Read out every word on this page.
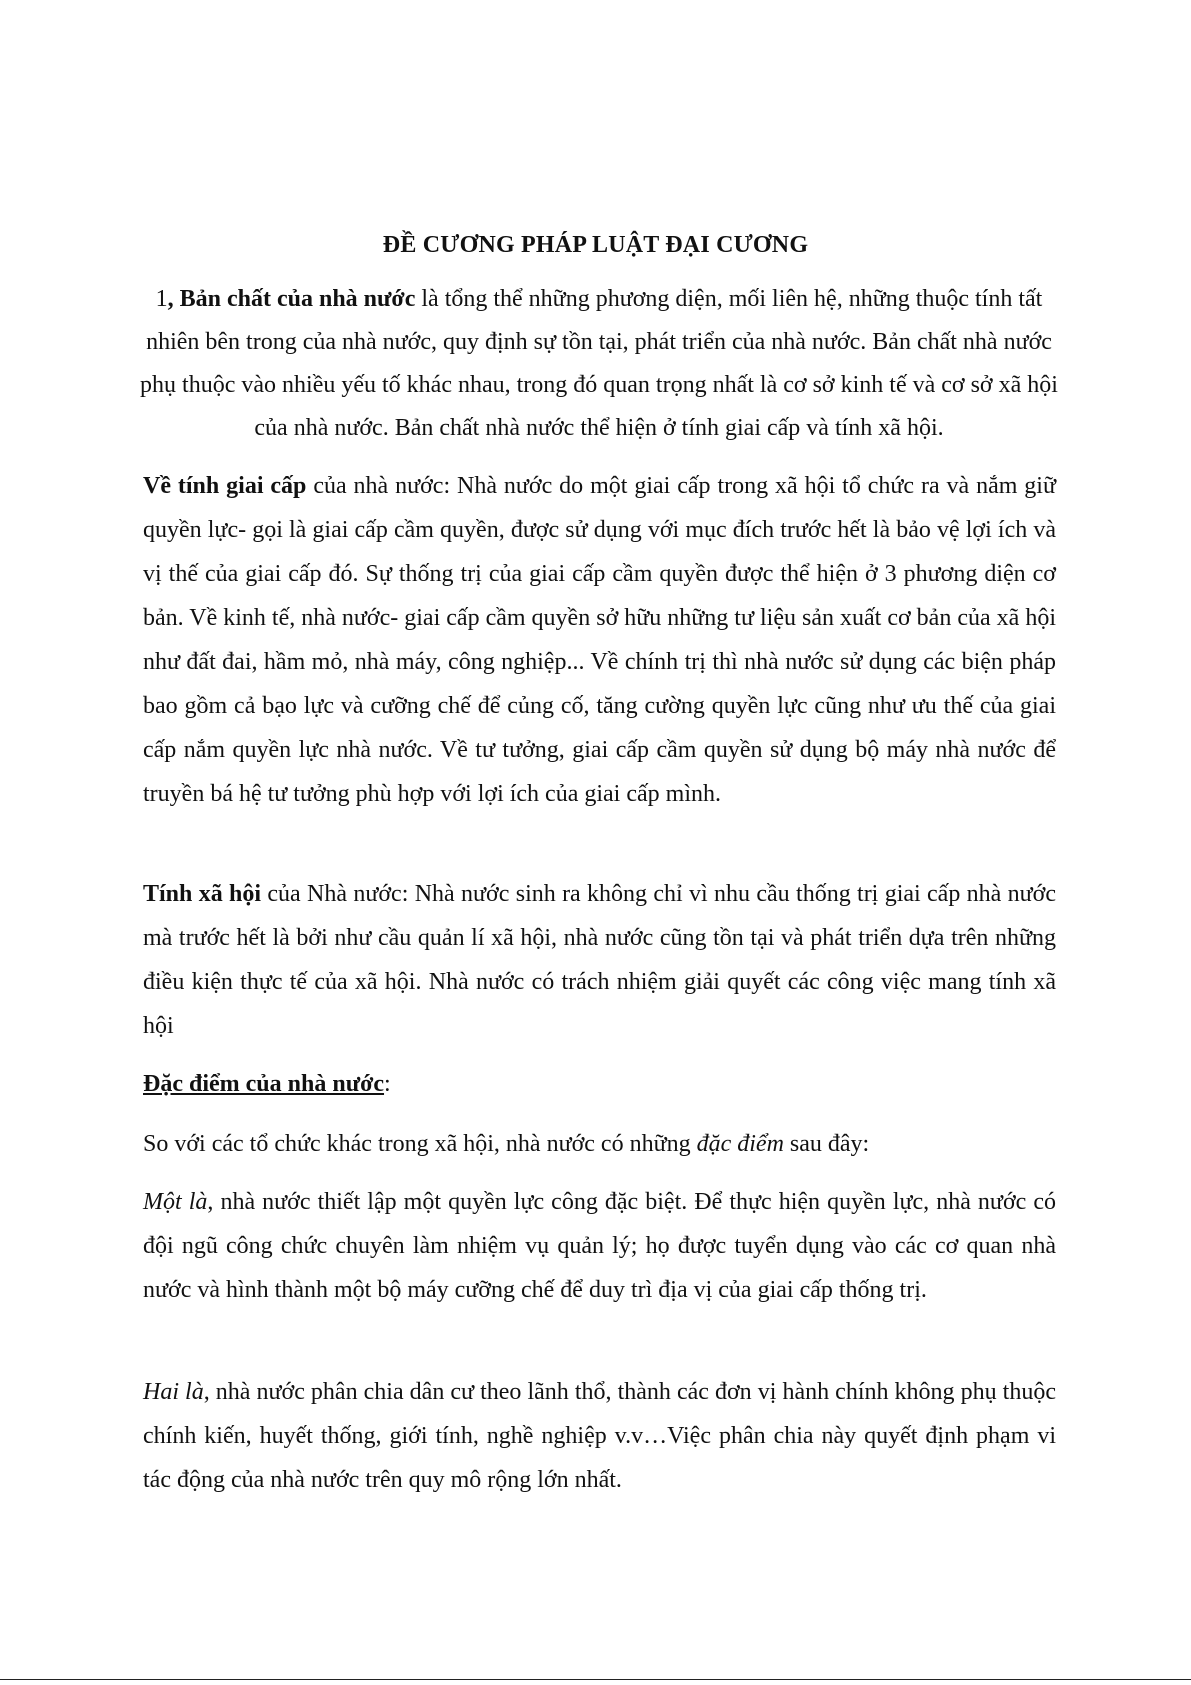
ĐỀ CƯƠNG PHÁP LUẬT ĐẠI CƯƠNG

1, Bản chất của nhà nước là tổng thể những phương diện, mối liên hệ, những thuộc tính tất nhiên bên trong của nhà nước, quy định sự tồn tại, phát triển của nhà nước. Bản chất nhà nước phụ thuộc vào nhiều yếu tố khác nhau, trong đó quan trọng nhất là cơ sở kinh tế và cơ sở xã hội của nhà nước. Bản chất nhà nước thể hiện ở tính giai cấp và tính xã hội.

Về tính giai cấp của nhà nước: Nhà nước do một giai cấp trong xã hội tổ chức ra và nắm giữ quyền lực- gọi là giai cấp cầm quyền, được sử dụng với mục đích trước hết là bảo vệ lợi ích và vị thế của giai cấp đó. Sự thống trị của giai cấp cầm quyền được thể hiện ở 3 phương diện cơ bản. Về kinh tế, nhà nước- giai cấp cầm quyền sở hữu những tư liệu sản xuất cơ bản của xã hội như đất đai, hầm mỏ, nhà máy, công nghiệp... Về chính trị thì nhà nước sử dụng các biện pháp bao gồm cả bạo lực và cưỡng chế để củng cố, tăng cường quyền lực cũng như ưu thế của giai cấp nắm quyền lực nhà nước. Về tư tưởng, giai cấp cầm quyền sử dụng bộ máy nhà nước để truyền bá hệ tư tưởng phù hợp với lợi ích của giai cấp mình.

Tính xã hội của Nhà nước: Nhà nước sinh ra không chỉ vì nhu cầu thống trị giai cấp nhà nước mà trước hết là bởi như cầu quản lí xã hội, nhà nước cũng tồn tại và phát triển dựa trên những điều kiện thực tế của xã hội. Nhà nước có trách nhiệm giải quyết các công việc mang tính xã hội

Đặc điểm của nhà nước:

So với các tổ chức khác trong xã hội, nhà nước có những đặc điểm sau đây:

Một là, nhà nước thiết lập một quyền lực công đặc biệt. Để thực hiện quyền lực, nhà nước có đội ngũ công chức chuyên làm nhiệm vụ quản lý; họ được tuyển dụng vào các cơ quan nhà nước và hình thành một bộ máy cưỡng chế để duy trì địa vị của giai cấp thống trị.

Hai là, nhà nước phân chia dân cư theo lãnh thổ, thành các đơn vị hành chính không phụ thuộc chính kiến, huyết thống, giới tính, nghề nghiệp v.v…Việc phân chia này quyết định phạm vi tác động của nhà nước trên quy mô rộng lớn nhất.
